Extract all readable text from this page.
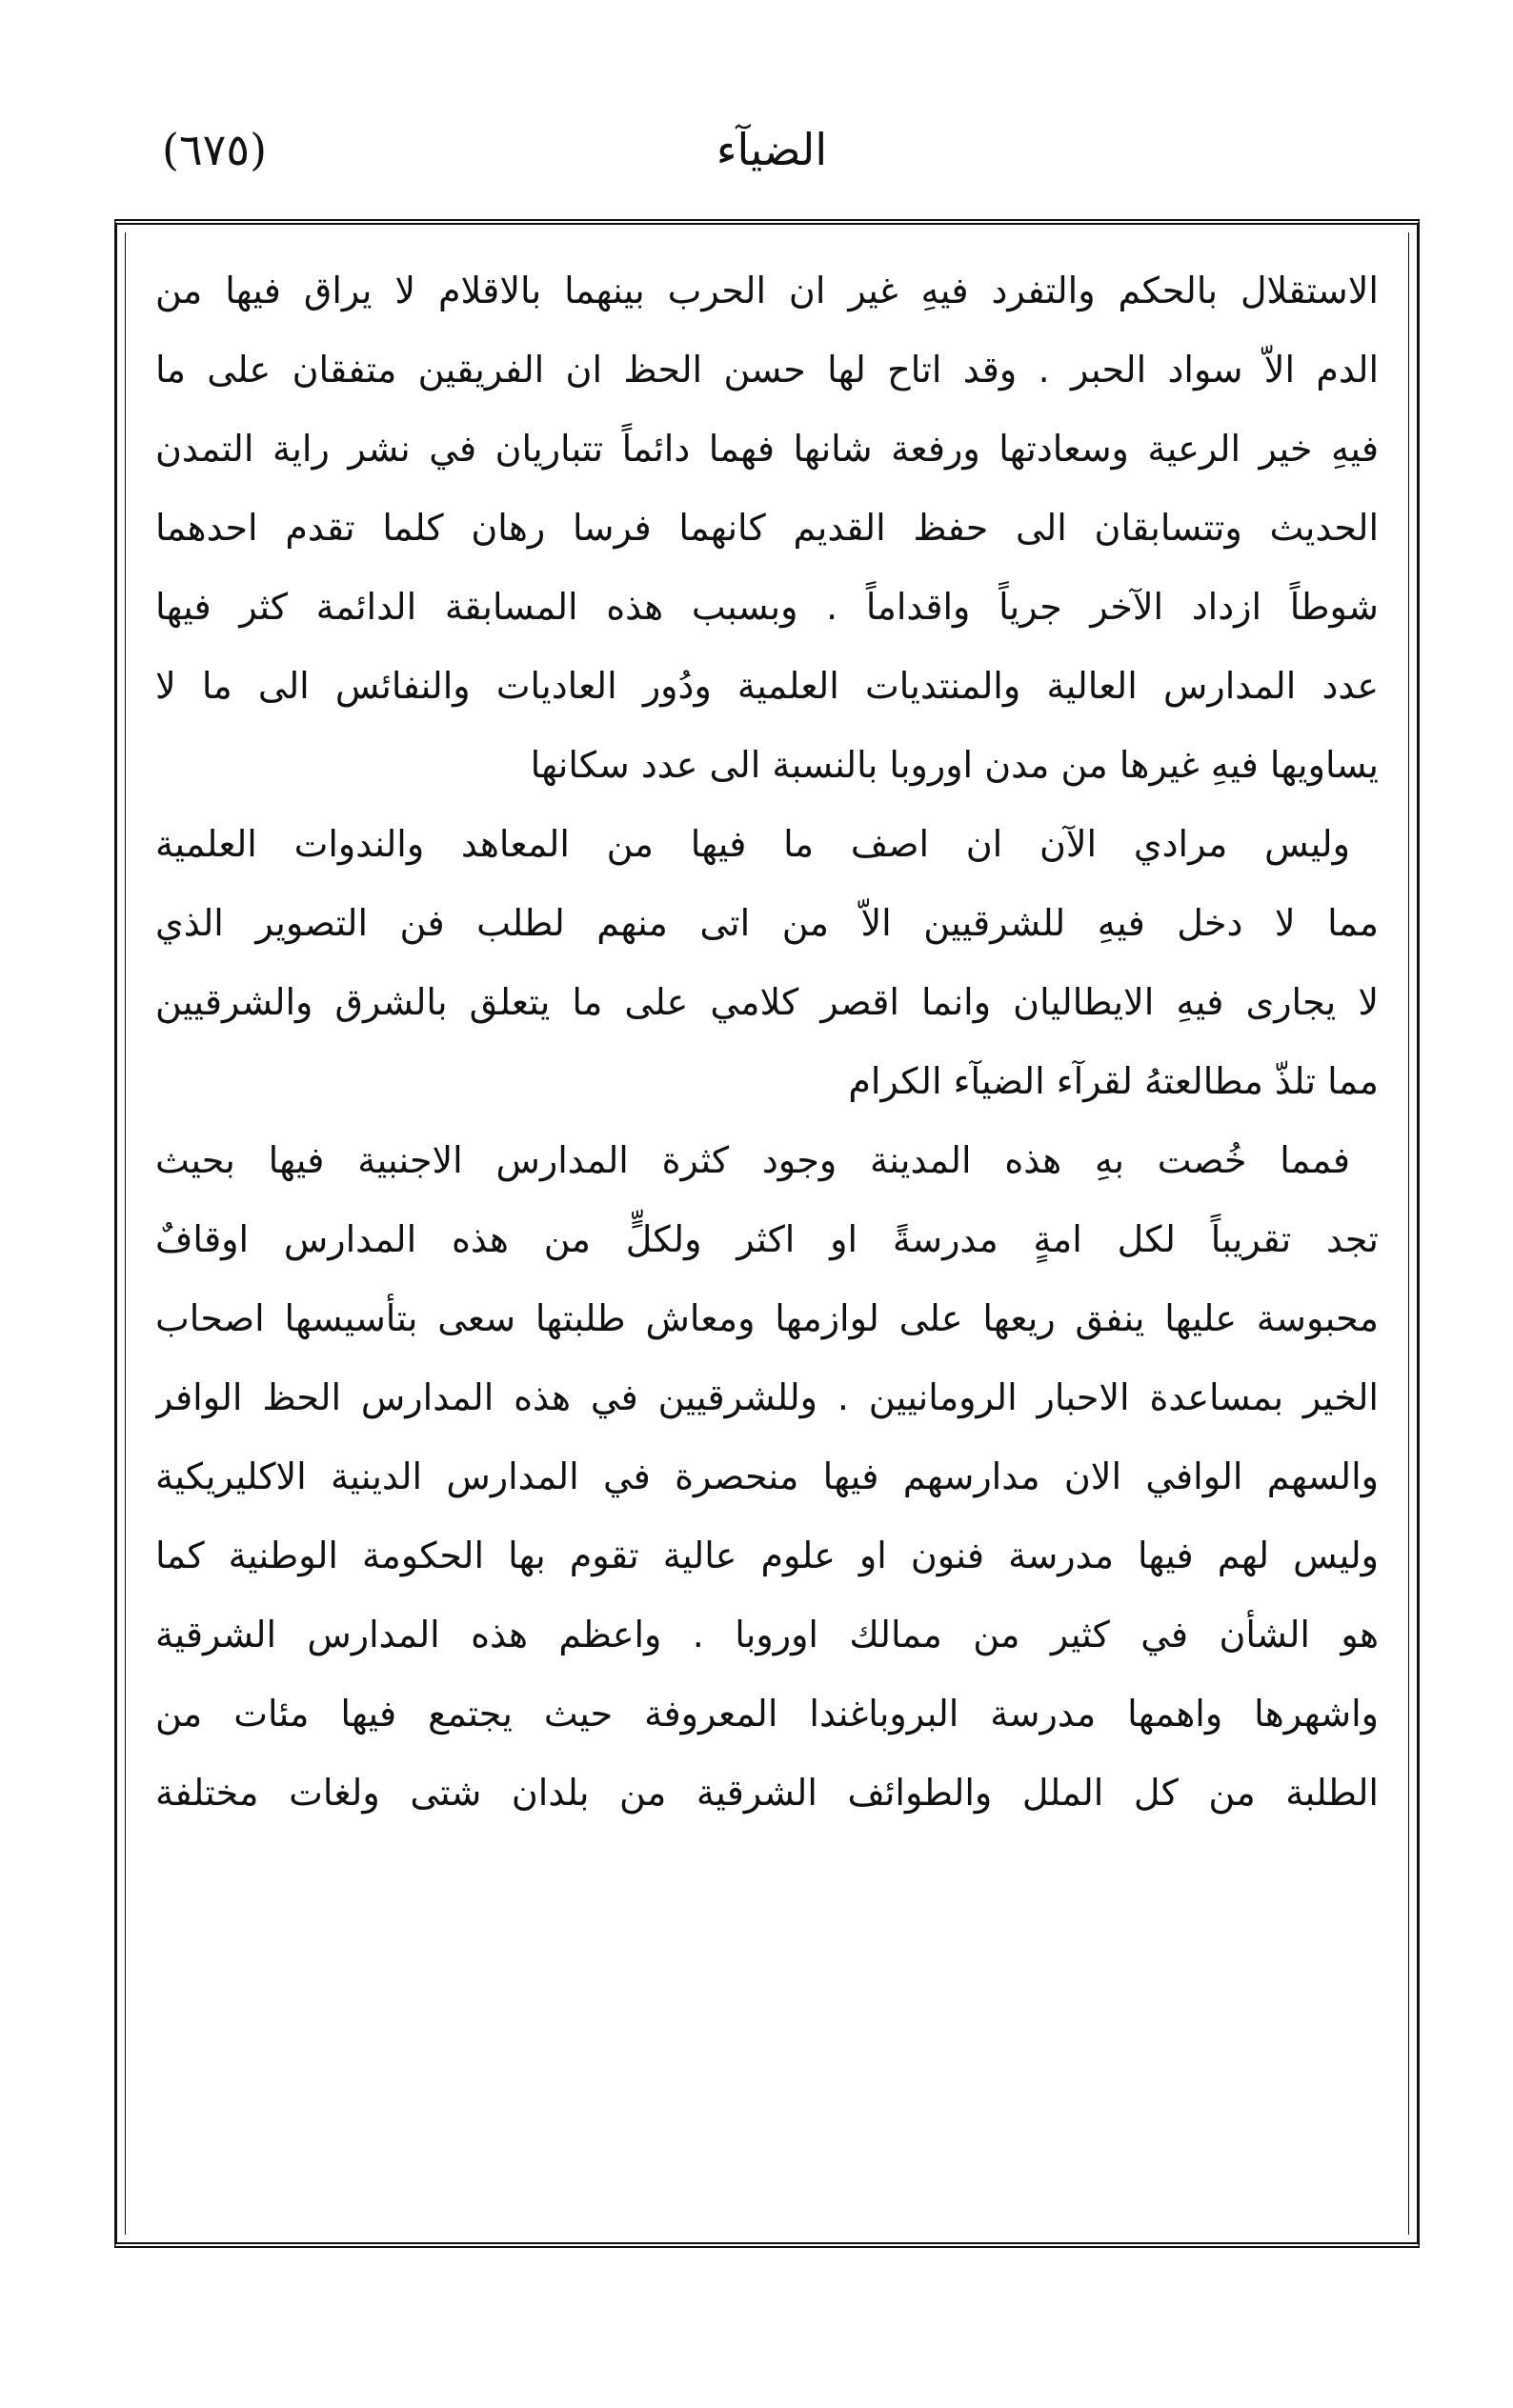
الضيآء
(٦٧٥)
الاستقلال بالحكم والتفرد فيهِ غير ان الحرب بينهما بالاقلام لا يراق فيها من
الدم الاّ سواد الحبر . وقد اتاح لها حسن الحظ ان الفريقين متفقان على ما
فيهِ خير الرعية وسعادتها ورفعة شانها فهما دائماً تتباريان في نشر راية التمدن
الحديث وتتسابقان الى حفظ القديم كانهما فرسا رهان كلما تقدم احدهما
شوطاً ازداد الآخر جرياً واقداماً . وبسبب هذه المسابقة الدائمة كثر فيها
عدد المدارس العالية والمنتديات العلمية ودُور العاديات والنفائس الى ما لا
يساويها فيهِ غيرها من مدن اوروبا بالنسبة الى عدد سكانها
وليس مرادي الآن ان اصف ما فيها من المعاهد والندوات العلمية
مما لا دخل فيهِ للشرقيين الاّ من اتى منهم لطلب فن التصوير الذي
لا يجارى فيهِ الايطاليان وانما اقصر كلامي على ما يتعلق بالشرق والشرقيين
مما تلذّ مطالعتهُ لقرآء الضيآء الكرام
فمما خُصت بهِ هذه المدينة وجود كثرة المدارس الاجنبية فيها بحيث
تجد تقريباً لكل امةٍ مدرسةً او اكثر ولكلٍّ من هذه المدارس اوقافٌ
محبوسة عليها ينفق ريعها على لوازمها ومعاش طلبتها سعى بتأسيسها اصحاب
الخير بمساعدة الاحبار الرومانيين . وللشرقيين في هذه المدارس الحظ الوافر
والسهم الوافي الان مدارسهم فيها منحصرة في المدارس الدينية الاكليريكية
وليس لهم فيها مدرسة فنون او علوم عالية تقوم بها الحكومة الوطنية كما
هو الشأن في كثير من ممالك اوروبا . واعظم هذه المدارس الشرقية
واشهرها واهمها مدرسة البروباغندا المعروفة حيث يجتمع فيها مئات من
الطلبة من كل الملل والطوائف الشرقية من بلدان شتى ولغات مختلفة
